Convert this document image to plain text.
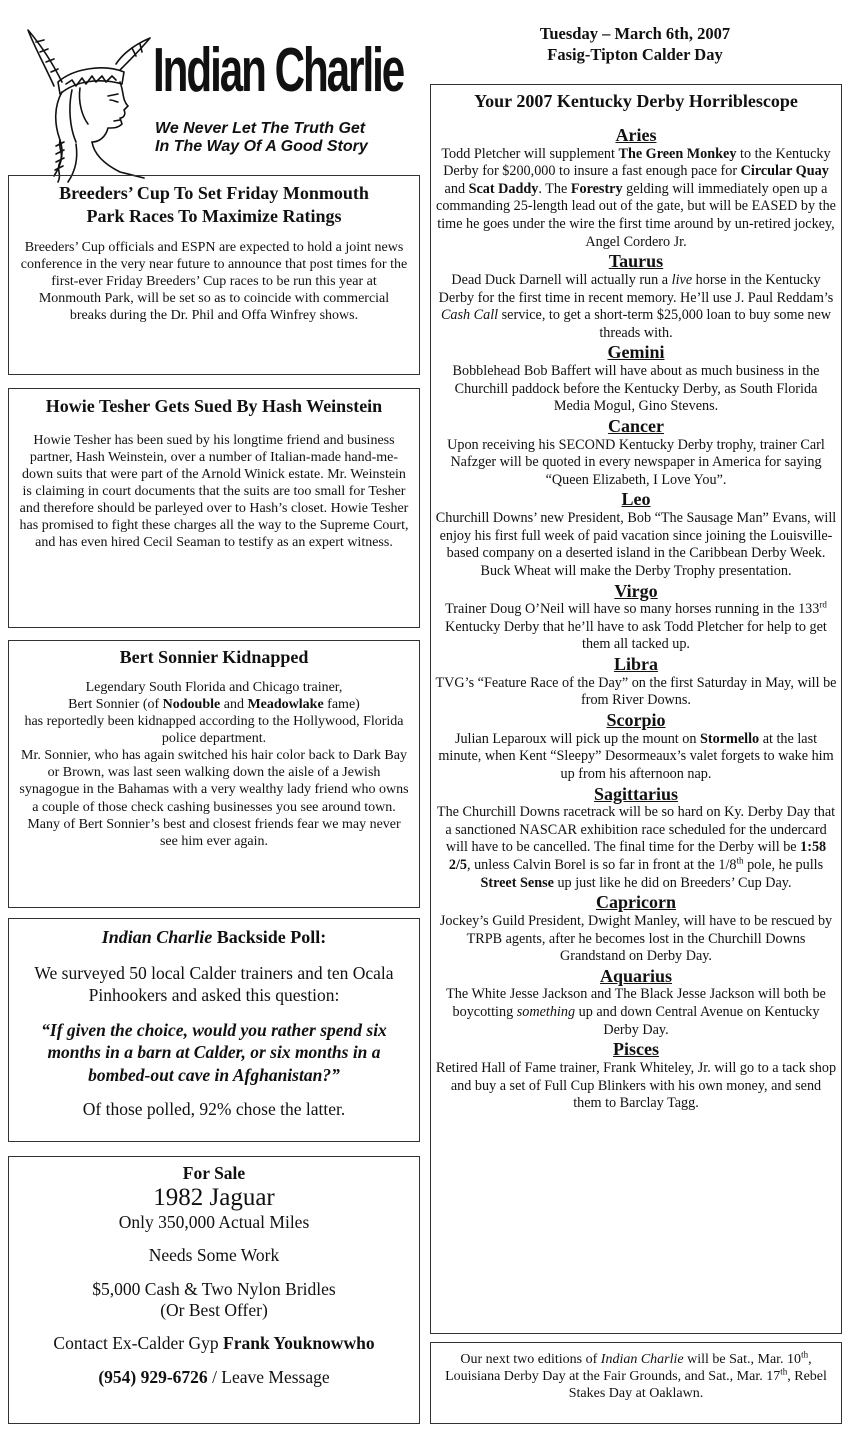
Indian Charlie
We Never Let The Truth Get
In The Way Of A Good Story
Tuesday – March 6th, 2007
Fasig-Tipton Calder Day
Breeders’ Cup To Set Friday Monmouth
Park Races To Maximize Ratings

Breeders’ Cup officials and ESPN are expected to hold a joint news conference in the very near future to announce that post times for the first-ever Friday Breeders’ Cup races to be run this year at Monmouth Park, will be set so as to coincide with commercial breaks during the Dr. Phil and Offa Winfrey shows.

Howie Tesher Gets Sued By Hash Weinstein

Howie Tesher has been sued by his longtime friend and business partner, Hash Weinstein, over a number of Italian-made hand-me-down suits that were part of the Arnold Winick estate. Mr. Weinstein is claiming in court documents that the suits are too small for Tesher and therefore should be parleyed over to Hash’s closet. Howie Tesher has promised to fight these charges all the way to the Supreme Court, and has even hired Cecil Seaman to testify as an expert witness.

Bert Sonnier Kidnapped

Legendary South Florida and Chicago trainer,
Bert Sonnier (of Nodouble and Meadowlake fame)
has reportedly been kidnapped according to the Hollywood, Florida police department.
Mr. Sonnier, who has again switched his hair color back to Dark Bay or Brown, was last seen walking down the aisle of a Jewish synagogue in the Bahamas with a very wealthy lady friend who owns a couple of those check cashing businesses you see around town. Many of Bert Sonnier’s best and closest friends fear we may never see him ever again.

Indian Charlie Backside Poll:

We surveyed 50 local Calder trainers and ten Ocala Pinhookers and asked this question:

“If given the choice, would you rather spend six months in a barn at Calder, or six months in a bombed-out cave in Afghanistan?”

Of those polled, 92% chose the latter.

For Sale

1982 Jaguar

Only 350,000 Actual Miles

Needs Some Work

$5,000 Cash & Two Nylon Bridles

(Or Best Offer)

Contact Ex-Calder Gyp Frank Youknowwho

(954) 929-6726 / Leave Message

Your 2007 Kentucky Derby Horriblescope
Aries

Todd Pletcher will supplement The Green Monkey to the Kentucky Derby for $200,000 to insure a fast enough pace for Circular Quay and Scat Daddy. The Forestry gelding will immediately open up a commanding 25-length lead out of the gate, but will be EASED by the time he goes under the wire the first time around by un-retired jockey, Angel Cordero Jr.

Taurus

Dead Duck Darnell will actually run a live horse in the Kentucky Derby for the first time in recent memory. He’ll use J. Paul Reddam’s Cash Call service, to get a short-term $25,000 loan to buy some new threads with.

Gemini

Bobblehead Bob Baffert will have about as much business in the Churchill paddock before the Kentucky Derby, as South Florida Media Mogul, Gino Stevens.

Cancer

Upon receiving his SECOND Kentucky Derby trophy, trainer Carl Nafzger will be quoted in every newspaper in America for saying “Queen Elizabeth, I Love You”.

Leo

Churchill Downs’ new President, Bob “The Sausage Man” Evans, will enjoy his first full week of paid vacation since joining the Louisville-based company on a deserted island in the Caribbean Derby Week. Buck Wheat will make the Derby Trophy presentation.

Virgo

Trainer Doug O’Neil will have so many horses running in the 133rd Kentucky Derby that he’ll have to ask Todd Pletcher for help to get them all tacked up.

Libra

TVG’s “Feature Race of the Day” on the first Saturday in May, will be from River Downs.

Scorpio

Julian Leparoux will pick up the mount on Stormello at the last minute, when Kent “Sleepy” Desormeaux’s valet forgets to wake him up from his afternoon nap.

Sagittarius

The Churchill Downs racetrack will be so hard on Ky. Derby Day that a sanctioned NASCAR exhibition race scheduled for the undercard will have to be cancelled. The final time for the Derby will be 1:58 2/5, unless Calvin Borel is so far in front at the 1/8th pole, he pulls Street Sense up just like he did on Breeders’ Cup Day.

Capricorn

Jockey’s Guild President, Dwight Manley, will have to be rescued by TRPB agents, after he becomes lost in the Churchill Downs Grandstand on Derby Day.

Aquarius

The White Jesse Jackson and The Black Jesse Jackson will both be boycotting something up and down Central Avenue on Kentucky Derby Day.

Pisces

Retired Hall of Fame trainer, Frank Whiteley, Jr. will go to a tack shop and buy a set of Full Cup Blinkers with his own money, and send them to Barclay Tagg.

Our next two editions of Indian Charlie will be Sat., Mar. 10th, Louisiana Derby Day at the Fair Grounds, and Sat., Mar. 17th, Rebel Stakes Day at Oaklawn.
